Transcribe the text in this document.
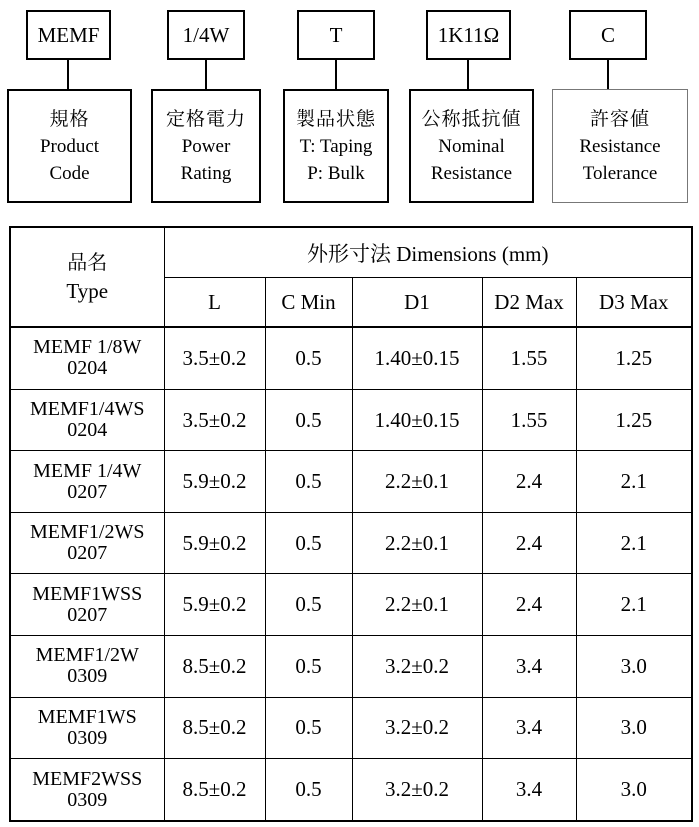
MEMF
規格
Product
Code
1/4W
定格電力
Power
Rating
T
製品状態
T: Taping
P: Bulk
1K11Ω
公称抵抗値
Nominal
Resistance
C
許容値
Resistance
Tolerance
品名
Type	外形寸法 Dimensions (mm)				
	L	C Min	D1	D2 Max	D3 Max
MEMF 1/8W
0204	3.5±0.2	0.5	1.40±0.15	1.55	1.25
MEMF1/4WS
0204	3.5±0.2	0.5	1.40±0.15	1.55	1.25
MEMF 1/4W
0207	5.9±0.2	0.5	2.2±0.1	2.4	2.1
MEMF1/2WS
0207	5.9±0.2	0.5	2.2±0.1	2.4	2.1
MEMF1WSS
0207	5.9±0.2	0.5	2.2±0.1	2.4	2.1
MEMF1/2W
0309	8.5±0.2	0.5	3.2±0.2	3.4	3.0
MEMF1WS
0309	8.5±0.2	0.5	3.2±0.2	3.4	3.0
MEMF2WSS
0309	8.5±0.2	0.5	3.2±0.2	3.4	3.0
